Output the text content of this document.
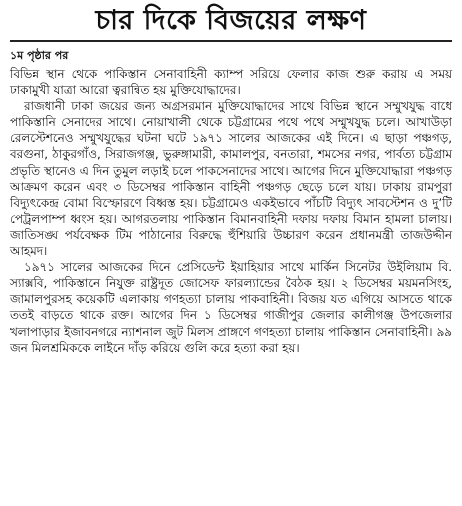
চার দিকে বিজয়ের লক্ষণ
১ম পৃষ্ঠার পর

বিভিন্ন স্থান থেকে পাকিস্তান সেনাবাহিনী ক্যাম্প সরিয়ে ফেলার কাজ শুরু করায় এ সময় ঢাকামুখী যাত্রা আরো ত্বরান্বিত হয় মুক্তিযোদ্ধাদের।

রাজধানী ঢাকা জয়ের জন্য অগ্রসরমান মুক্তিযোদ্ধাদের সাথে বিভিন্ন স্থানে সম্মুখযুদ্ধ বাধে পাকিস্তানি সেনাদের সাথে। নোয়াখালী থেকে চট্টগ্রামের পথে পথে সম্মুখযুদ্ধ চলে। আখাউড়া রেলস্টেশনেও সম্মুখযুদ্ধের ঘটনা ঘটে ১৯৭১ সালের আজকের এই দিনে। এ ছাড়া পঞ্চগড়, বরগুনা, ঠাকুরগাঁও, সিরাজগঞ্জ, ভুরুঙ্গামারী, কামালপুর, বনতারা, শমসের নগর, পার্বত্য চট্টগ্রাম প্রভৃতি স্থানেও এ দিন তুমুল লড়াই চলে পাকসেনাদের সাথে। আগের দিনে মুক্তিযোদ্ধারা পঞ্চগড় আক্রমণ করেন এবং ৩ ডিসেম্বর পাকিস্তান বাহিনী পঞ্চগড় ছেড়ে চলে যায়। ঢাকায় রামপুরা বিদ্যুৎকেন্দ্র বোমা বিস্ফোরণে বিধ্বস্ত হয়। চট্টগ্রামেও একইভাবে পাঁচটি বিদ্যুৎ সাবস্টেশন ও দু’টি পেট্রলপাম্প ধ্বংস হয়। আগরতলায় পাকিস্তান বিমানবাহিনী দফায় দফায় বিমান হামলা চালায়। জাতিসঙ্ঘ পর্যবেক্ষক টিম পাঠানোর বিরুদ্ধে হুঁশিয়ারি উচ্চারণ করেন প্রধানমন্ত্রী তাজউদ্দীন আহমদ।

১৯৭১ সালের আজকের দিনে প্রেসিডেন্ট ইয়াহিয়ার সাথে মার্কিন সিনেটর উইলিয়াম বি. স্যাক্সবি, পাকিস্তানে নিযুক্ত রাষ্ট্রদূত জোসেফ ফারল্যান্ডের বৈঠক হয়। ২ ডিসেম্বর ময়মনসিংহ, জামালপুরসহ কয়েকটি এলাকায় গণহত্যা চালায় পাকবাহিনী। বিজয় যত এগিয়ে আসতে থাকে ততই বাড়তে থাকে রক্ত। আগের দিন ১ ডিসেম্বর গাজীপুর জেলার কালীগঞ্জ উপজেলার খলাপাড়ার ইজাবনগরে ন্যাশনাল জুট মিলস প্রাঙ্গণে গণহত্যা চালায় পাকিস্তান সেনাবাহিনী। ৯৯ জন মিলশ্রমিককে লাইনে দাঁড় করিয়ে গুলি করে হত্যা করা হয়।
